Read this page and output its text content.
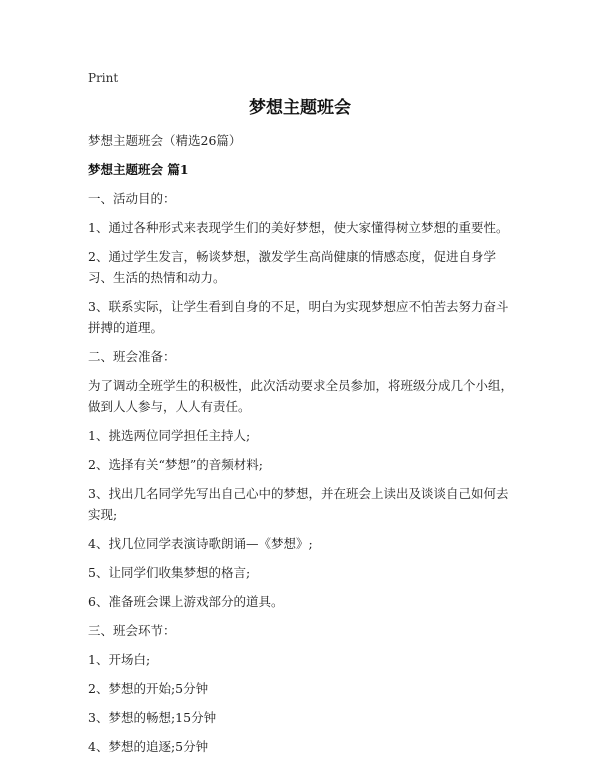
Print
梦想主题班会

梦想主题班会（精选26篇）

梦想主题班会 篇1

一、活动目的：

1、通过各种形式来表现学生们的美好梦想，使大家懂得树立梦想的重要性。

2、通过学生发言，畅谈梦想，激发学生高尚健康的情感态度，促进自身学习、生活的热情和动力。

3、联系实际，让学生看到自身的不足，明白为实现梦想应不怕苦去努力奋斗拼搏的道理。

二、班会准备：

为了调动全班学生的积极性，此次活动要求全员参加，将班级分成几个小组，做到人人参与，人人有责任。

1、挑选两位同学担任主持人;

2、选择有关“梦想”的音频材料;

3、找出几名同学先写出自己心中的梦想，并在班会上读出及谈谈自己如何去实现;

4、找几位同学表演诗歌朗诵—《梦想》;

5、让同学们收集梦想的格言;

6、准备班会课上游戏部分的道具。

三、班会环节：

1、开场白;

2、梦想的开始;5分钟

3、梦想的畅想;15分钟

4、梦想的追逐;5分钟
